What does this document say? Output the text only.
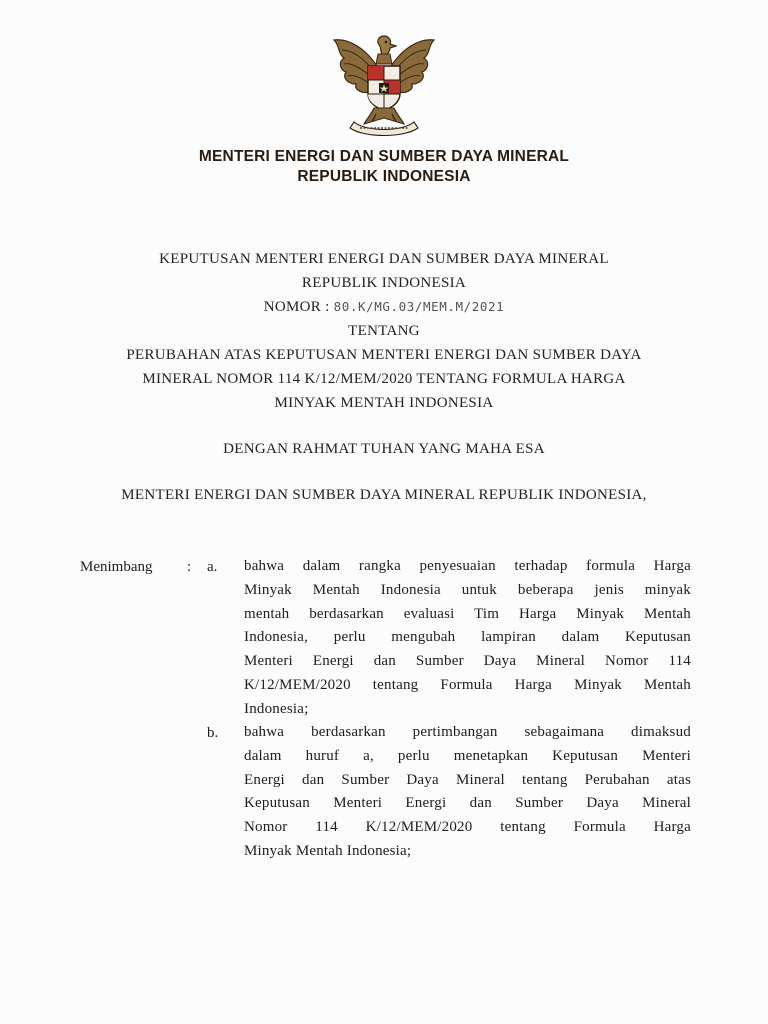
MENTERI ENERGI DAN SUMBER DAYA MINERAL
REPUBLIK INDONESIA
KEPUTUSAN MENTERI ENERGI DAN SUMBER DAYA MINERAL
REPUBLIK INDONESIA
NOMOR : 80.K/MG.03/MEM.M/2021
TENTANG
PERUBAHAN ATAS KEPUTUSAN MENTERI ENERGI DAN SUMBER DAYA
MINERAL NOMOR 114 K/12/MEM/2020 TENTANG FORMULA HARGA
MINYAK MENTAH INDONESIA
DENGAN RAHMAT TUHAN YANG MAHA ESA
MENTERI ENERGI DAN SUMBER DAYA MINERAL REPUBLIK INDONESIA,
Menimbang : a. bahwa dalam rangka penyesuaian terhadap formula Harga
Minyak Mentah Indonesia untuk beberapa jenis minyak
mentah berdasarkan evaluasi Tim Harga Minyak Mentah
Indonesia, perlu mengubah lampiran dalam Keputusan
Menteri Energi dan Sumber Daya Mineral Nomor 114
K/12/MEM/2020 tentang Formula Harga Minyak Mentah
Indonesia;
b. bahwa berdasarkan pertimbangan sebagaimana dimaksud
dalam huruf a, perlu menetapkan Keputusan Menteri
Energi dan Sumber Daya Mineral tentang Perubahan atas
Keputusan Menteri Energi dan Sumber Daya Mineral
Nomor 114 K/12/MEM/2020 tentang Formula Harga
Minyak Mentah Indonesia;
